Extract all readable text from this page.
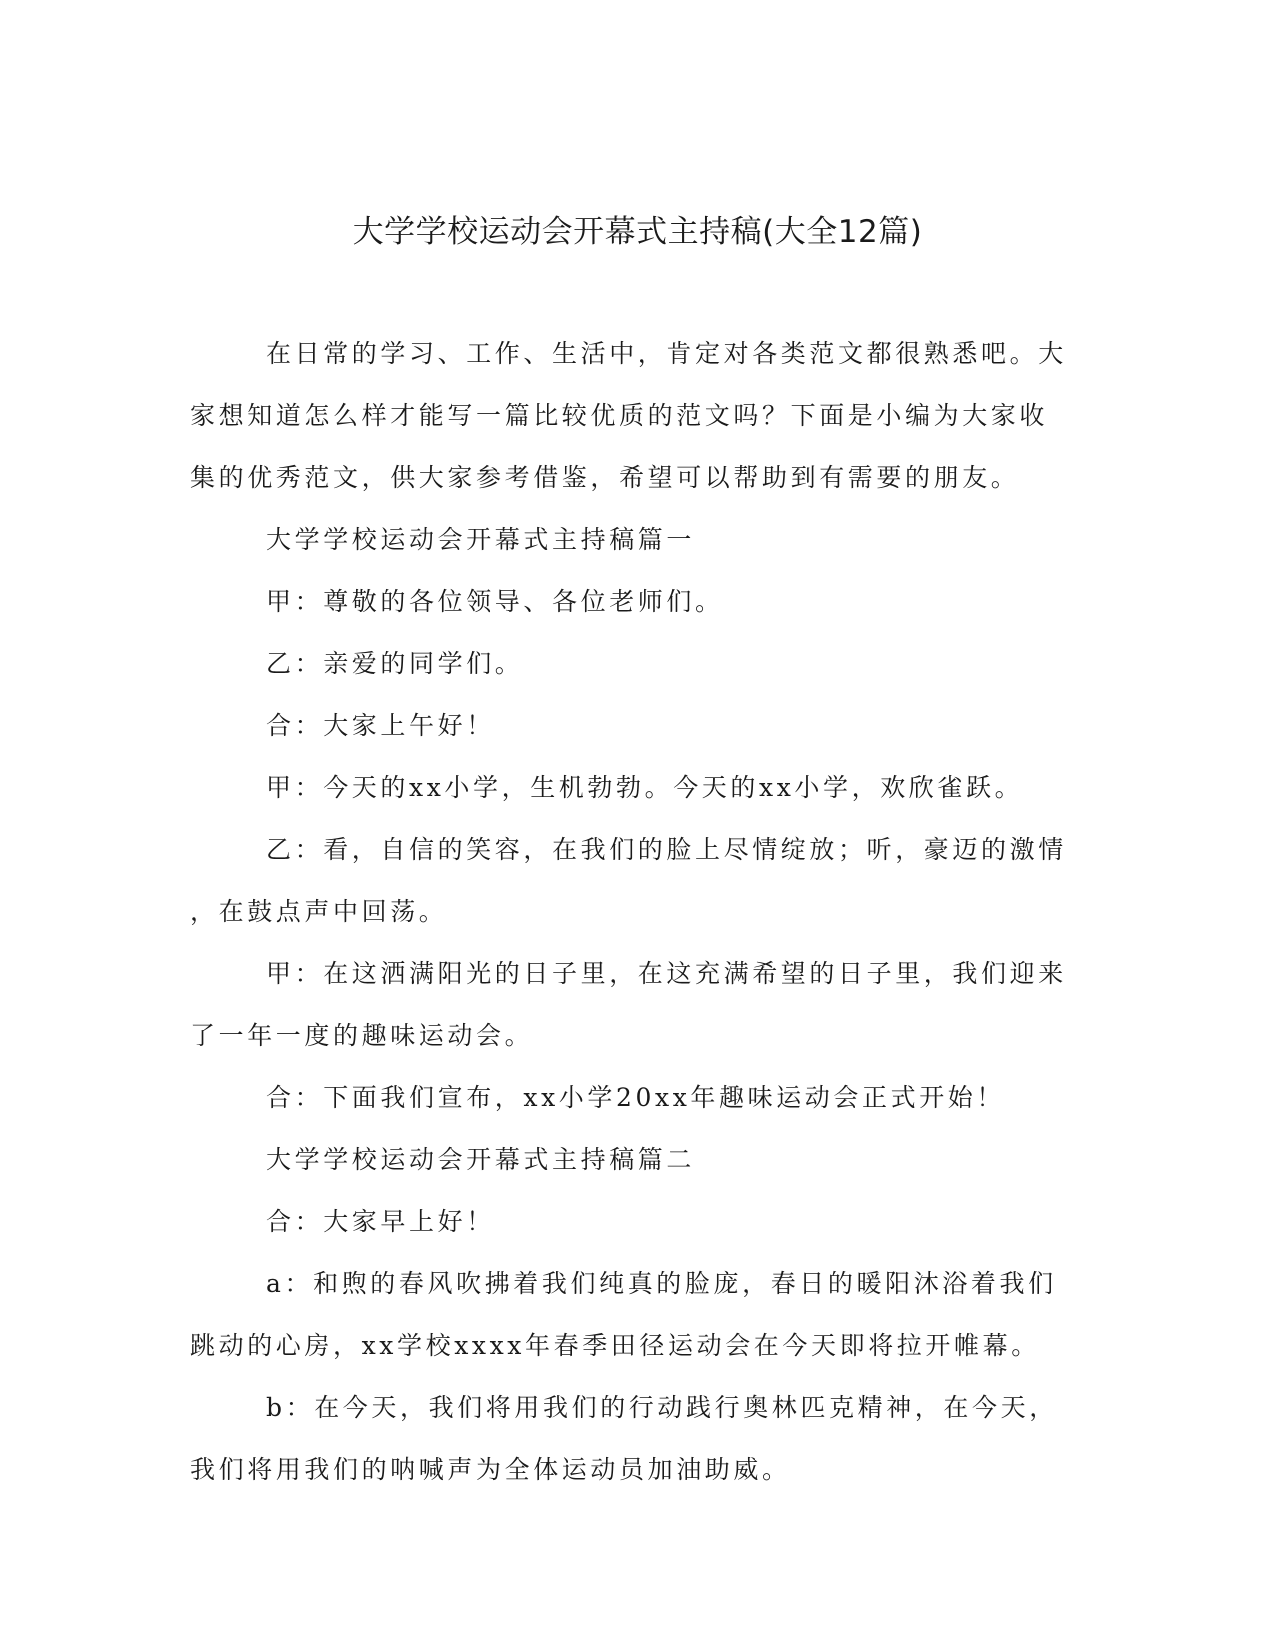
大学学校运动会开幕式主持稿(大全12篇)

在日常的学习、工作、生活中，肯定对各类范文都很熟悉吧。大
家想知道怎么样才能写一篇比较优质的范文吗？下面是小编为大家收
集的优秀范文，供大家参考借鉴，希望可以帮助到有需要的朋友。

大学学校运动会开幕式主持稿篇一

甲：尊敬的各位领导、各位老师们。

乙：亲爱的同学们。

合：大家上午好！

甲：今天的xx小学，生机勃勃。今天的xx小学，欢欣雀跃。

乙：看，自信的笑容，在我们的脸上尽情绽放；听，豪迈的激情
，在鼓点声中回荡。

甲：在这洒满阳光的日子里，在这充满希望的日子里，我们迎来
了一年一度的趣味运动会。

合：下面我们宣布，xx小学20xx年趣味运动会正式开始！

大学学校运动会开幕式主持稿篇二

合：大家早上好！

a：和煦的春风吹拂着我们纯真的脸庞，春日的暖阳沐浴着我们
跳动的心房，xx学校xxxx年春季田径运动会在今天即将拉开帷幕。

b：在今天，我们将用我们的行动践行奥林匹克精神，在今天，
我们将用我们的呐喊声为全体运动员加油助威。
